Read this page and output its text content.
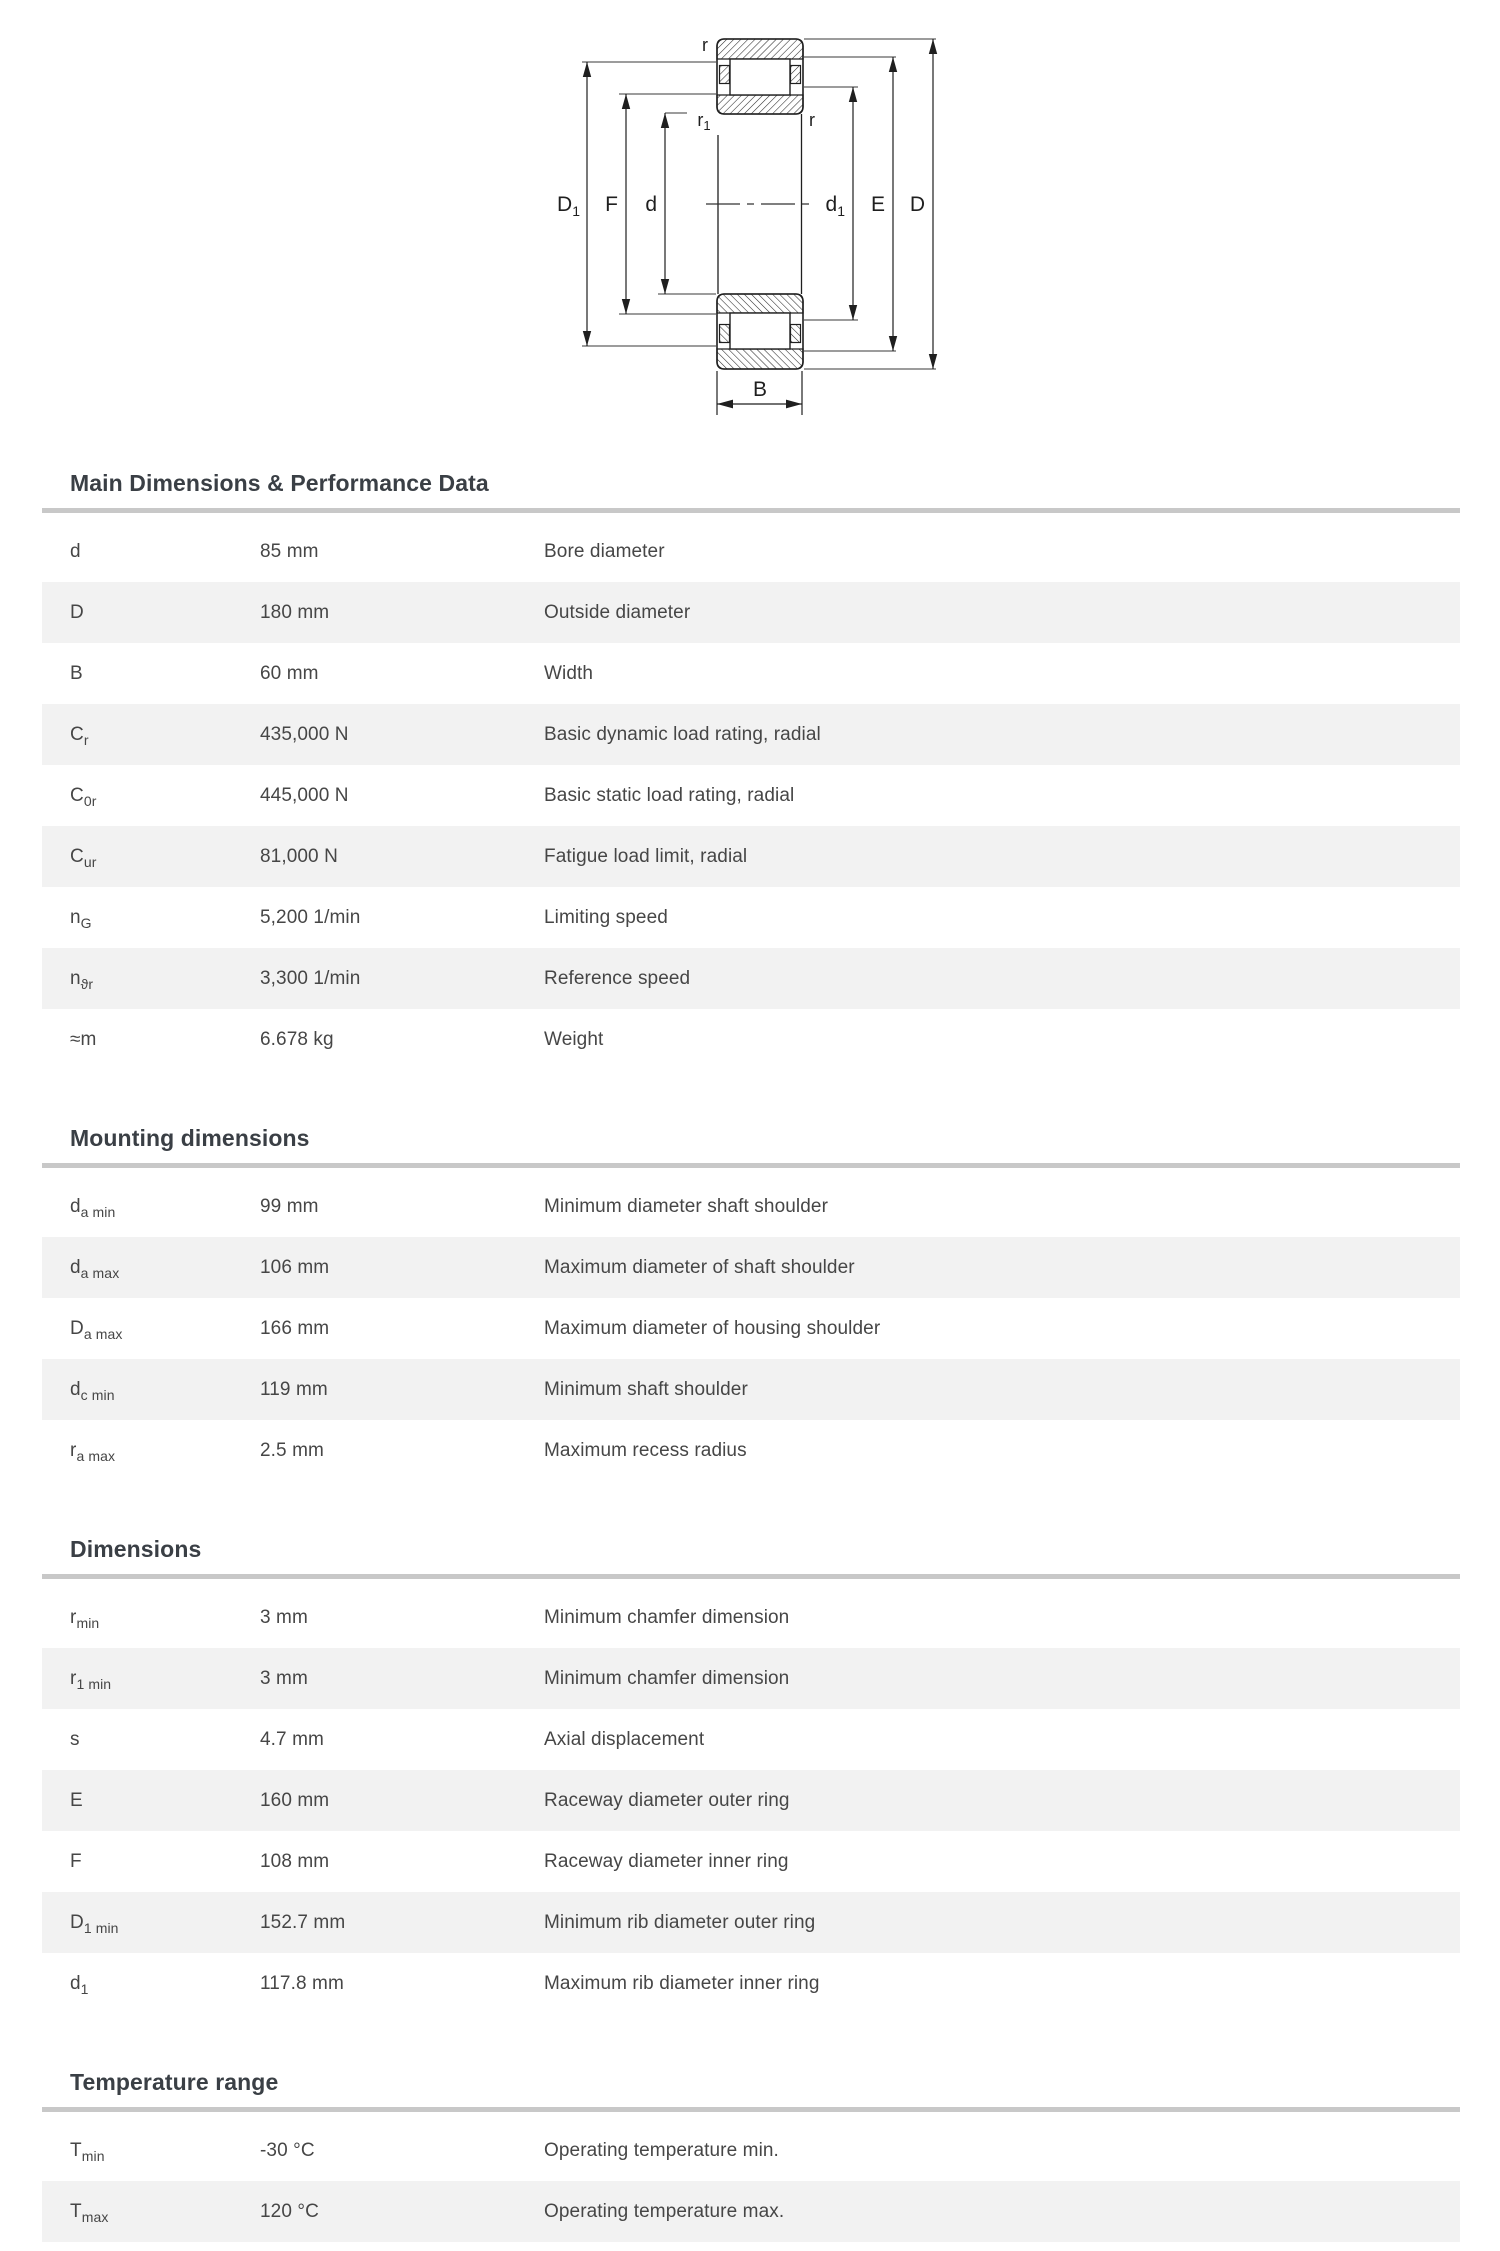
r
$r_1$	r
$D_1$ F d	$d_1$ E D
B
Main Dimensions & Performance Data
d	85 mm	Bore diameter
D	180 mm	Outside diameter
B	60 mm	Width
$C_r$	435,000 N	Basic dynamic load rating, radial
$C_{0r}$	445,000 N	Basic static load rating, radial
$C_{ur}$	81,000 N	Fatigue load limit, radial
$n_G$	5,200 1/min	Limiting speed
$n_{ϑr}$	3,300 1/min	Reference speed
≈m	6.678 kg	Weight
Mounting dimensions
$d_{a min}$	99 mm	Minimum diameter shaft shoulder
$d_{a max}$	106 mm	Maximum diameter of shaft shoulder
$D_{a max}$	166 mm	Maximum diameter of housing shoulder
$d_{c min}$	119 mm	Minimum shaft shoulder
$r_{a max}$	2.5 mm	Maximum recess radius
Dimensions
$r_{min}$	3 mm	Minimum chamfer dimension
$r_{1 min}$	3 mm	Minimum chamfer dimension
s	4.7 mm	Axial displacement
E	160 mm	Raceway diameter outer ring
F	108 mm	Raceway diameter inner ring
$D_{1 min}$	152.7 mm	Minimum rib diameter outer ring
$d_1$	117.8 mm	Maximum rib diameter inner ring
Temperature range
$T_{min}$	-30 °C	Operating temperature min.
$T_{max}$	120 °C	Operating temperature max.
